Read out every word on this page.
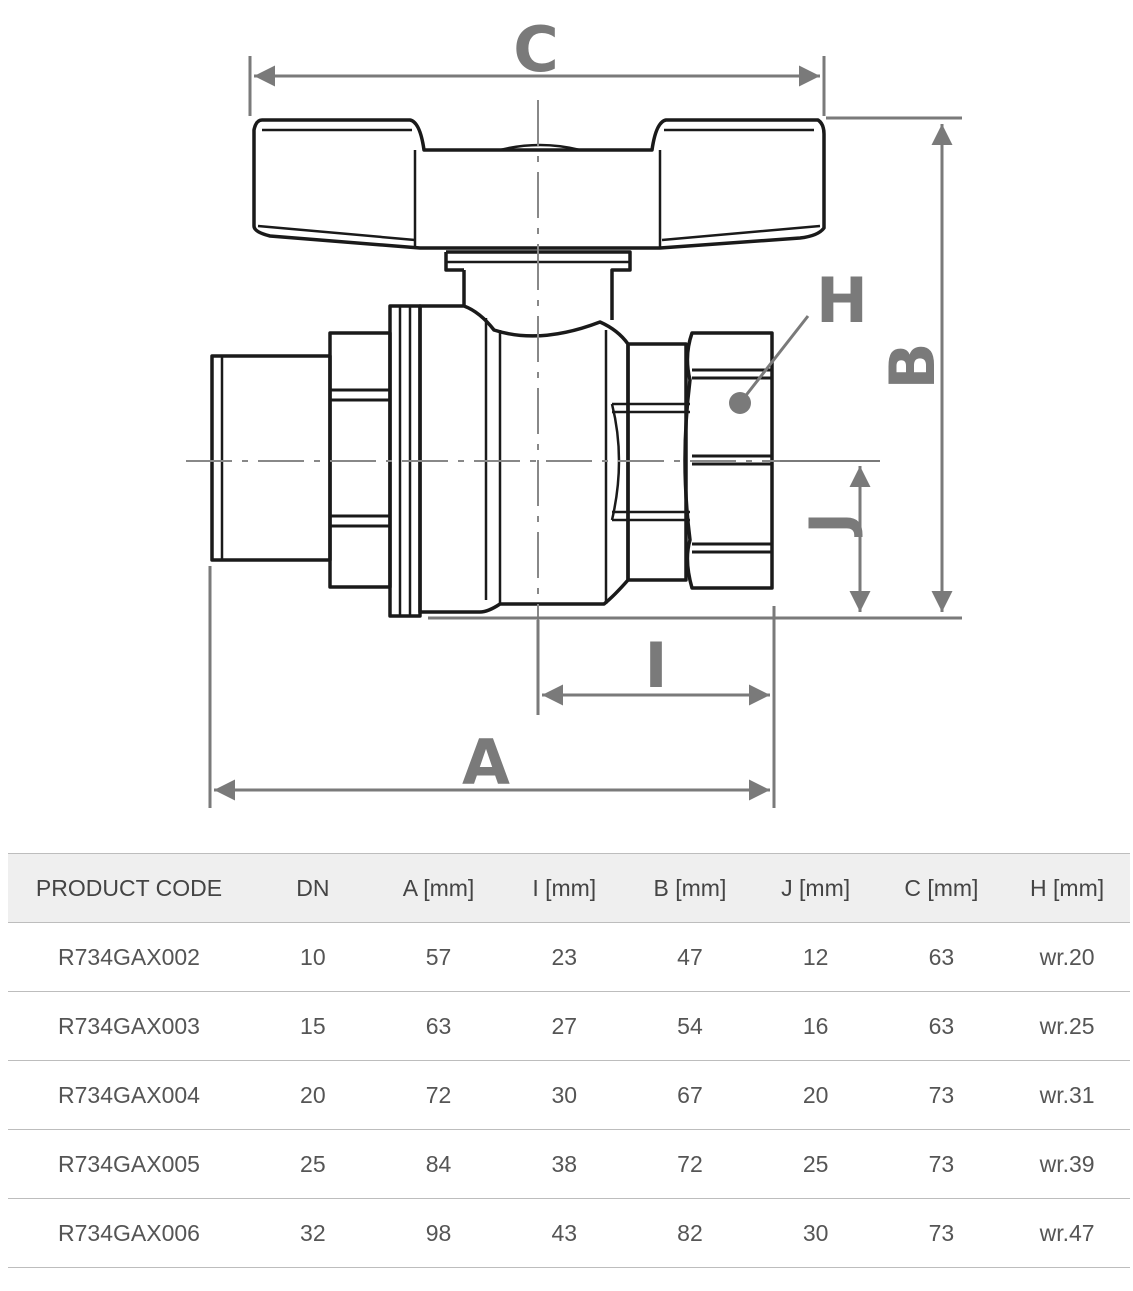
C
H
B
J
I
A
PRODUCT CODE	DN	A [mm]	I [mm]	B [mm]	J [mm]	C [mm]	H [mm]
R734GAX002	10	57	23	47	12	63	wr.20
R734GAX003	15	63	27	54	16	63	wr.25
R734GAX004	20	72	30	67	20	73	wr.31
R734GAX005	25	84	38	72	25	73	wr.39
R734GAX006	32	98	43	82	30	73	wr.47
